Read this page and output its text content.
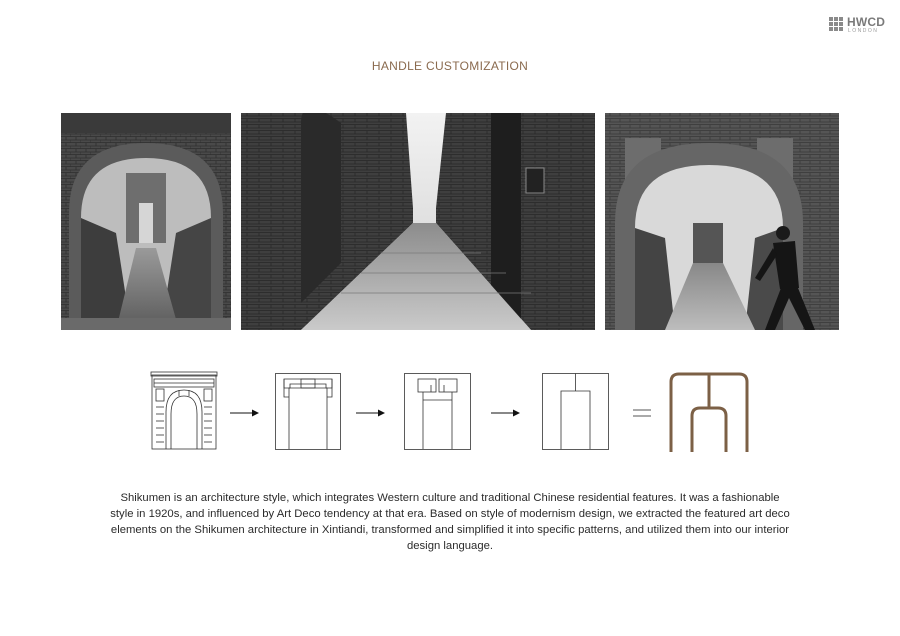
HWCD
LONDON
HANDLE CUSTOMIZATION
Shikumen is an architecture style, which integrates Western culture and traditional Chinese residential features. It was a fashionable style in 1920s, and influenced by Art Deco tendency at that era. Based on style of modernism design, we extracted the featured art deco elements on the Shikumen architecture in Xintiandi, transformed and simplified it into specific patterns, and utilized them into our interior design language.
